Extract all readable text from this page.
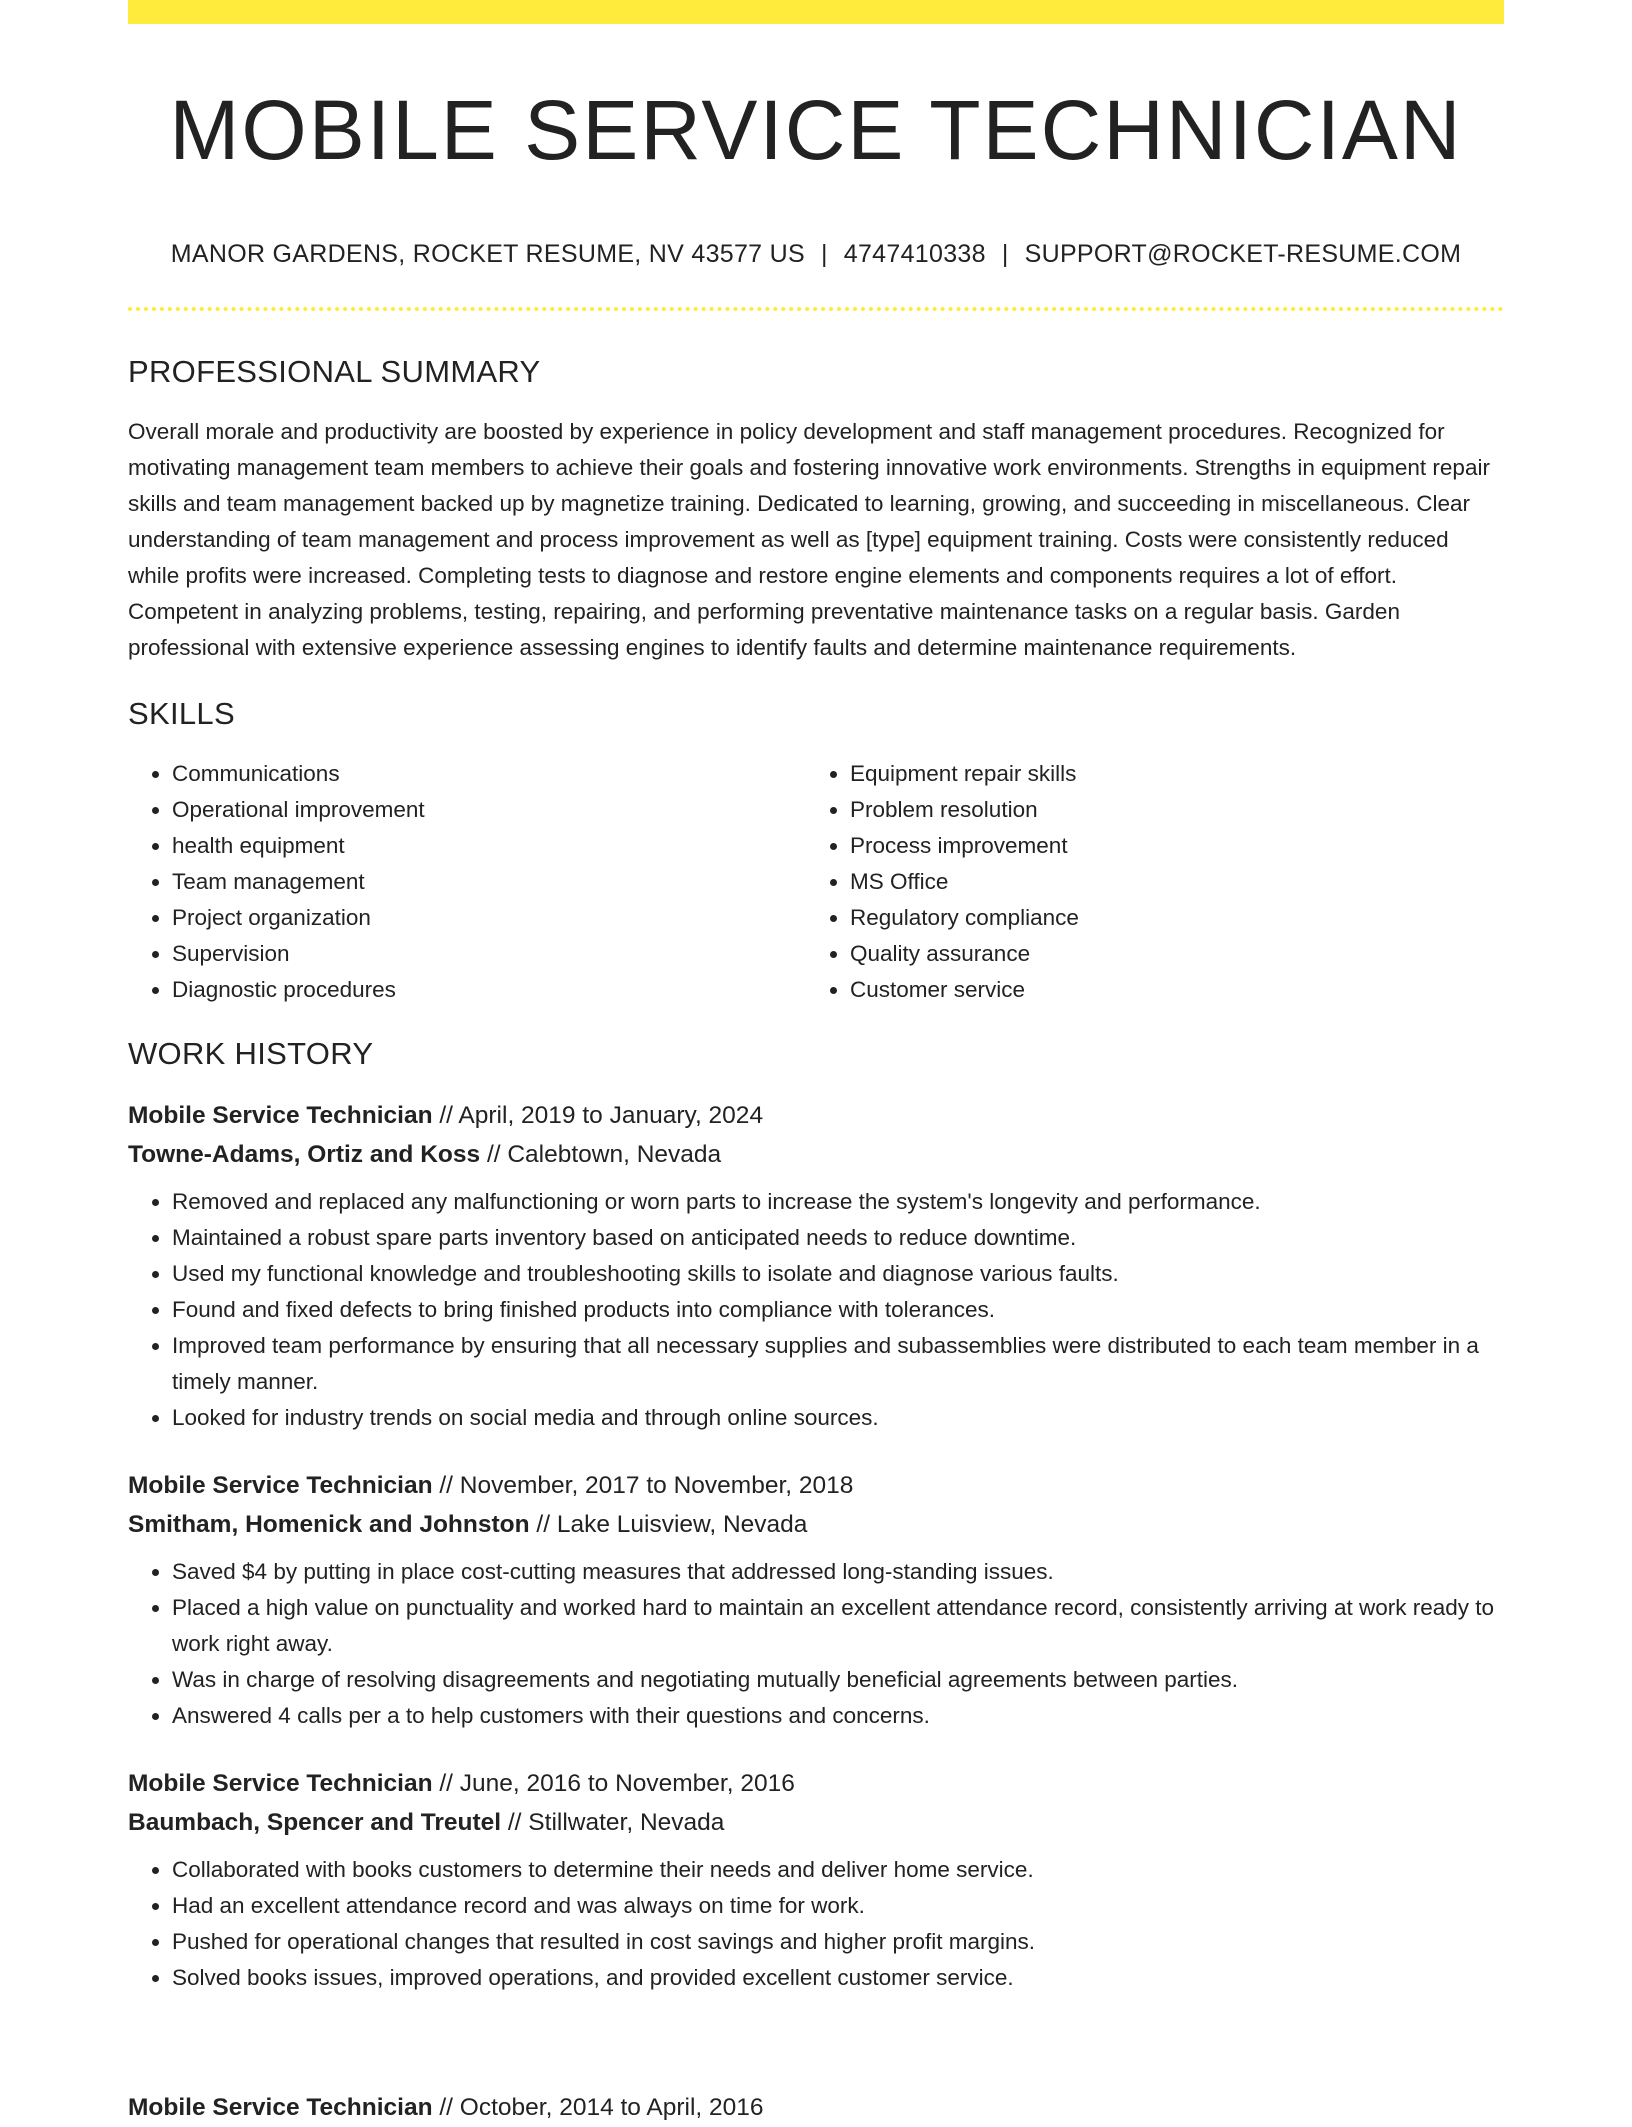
MOBILE SERVICE TECHNICIAN
MANOR GARDENS, ROCKET RESUME, NV 43577 US | 4747410338 | SUPPORT@ROCKET-RESUME.COM
PROFESSIONAL SUMMARY

Overall morale and productivity are boosted by experience in policy development and staff management procedures. Recognized for motivating management team members to achieve their goals and fostering innovative work environments. Strengths in equipment repair skills and team management backed up by magnetize training. Dedicated to learning, growing, and succeeding in miscellaneous. Clear understanding of team management and process improvement as well as [type] equipment training. Costs were consistently reduced while profits were increased. Completing tests to diagnose and restore engine elements and components requires a lot of effort. Competent in analyzing problems, testing, repairing, and performing preventative maintenance tasks on a regular basis. Garden professional with extensive experience assessing engines to identify faults and determine maintenance requirements.

SKILLS
• Communications
• Operational improvement
• health equipment
• Team management
• Project organization
• Supervision
• Diagnostic procedures
• Equipment repair skills
• Problem resolution
• Process improvement
• MS Office
• Regulatory compliance
• Quality assurance
• Customer service
WORK HISTORY
Mobile Service Technician // April, 2019 to January, 2024
Towne-Adams, Ortiz and Koss // Calebtown, Nevada
• Removed and replaced any malfunctioning or worn parts to increase the system's longevity and performance.
• Maintained a robust spare parts inventory based on anticipated needs to reduce downtime.
• Used my functional knowledge and troubleshooting skills to isolate and diagnose various faults.
• Found and fixed defects to bring finished products into compliance with tolerances.
• Improved team performance by ensuring that all necessary supplies and subassemblies were distributed to each team member in a timely manner.
• Looked for industry trends on social media and through online sources.
Mobile Service Technician // November, 2017 to November, 2018
Smitham, Homenick and Johnston // Lake Luisview, Nevada
• Saved $4 by putting in place cost-cutting measures that addressed long-standing issues.
• Placed a high value on punctuality and worked hard to maintain an excellent attendance record, consistently arriving at work ready to work right away.
• Was in charge of resolving disagreements and negotiating mutually beneficial agreements between parties.
• Answered 4 calls per a to help customers with their questions and concerns.
Mobile Service Technician // June, 2016 to November, 2016
Baumbach, Spencer and Treutel // Stillwater, Nevada
• Collaborated with books customers to determine their needs and deliver home service.
• Had an excellent attendance record and was always on time for work.
• Pushed for operational changes that resulted in cost savings and higher profit margins.
• Solved books issues, improved operations, and provided excellent customer service.
Mobile Service Technician // October, 2014 to April, 2016
